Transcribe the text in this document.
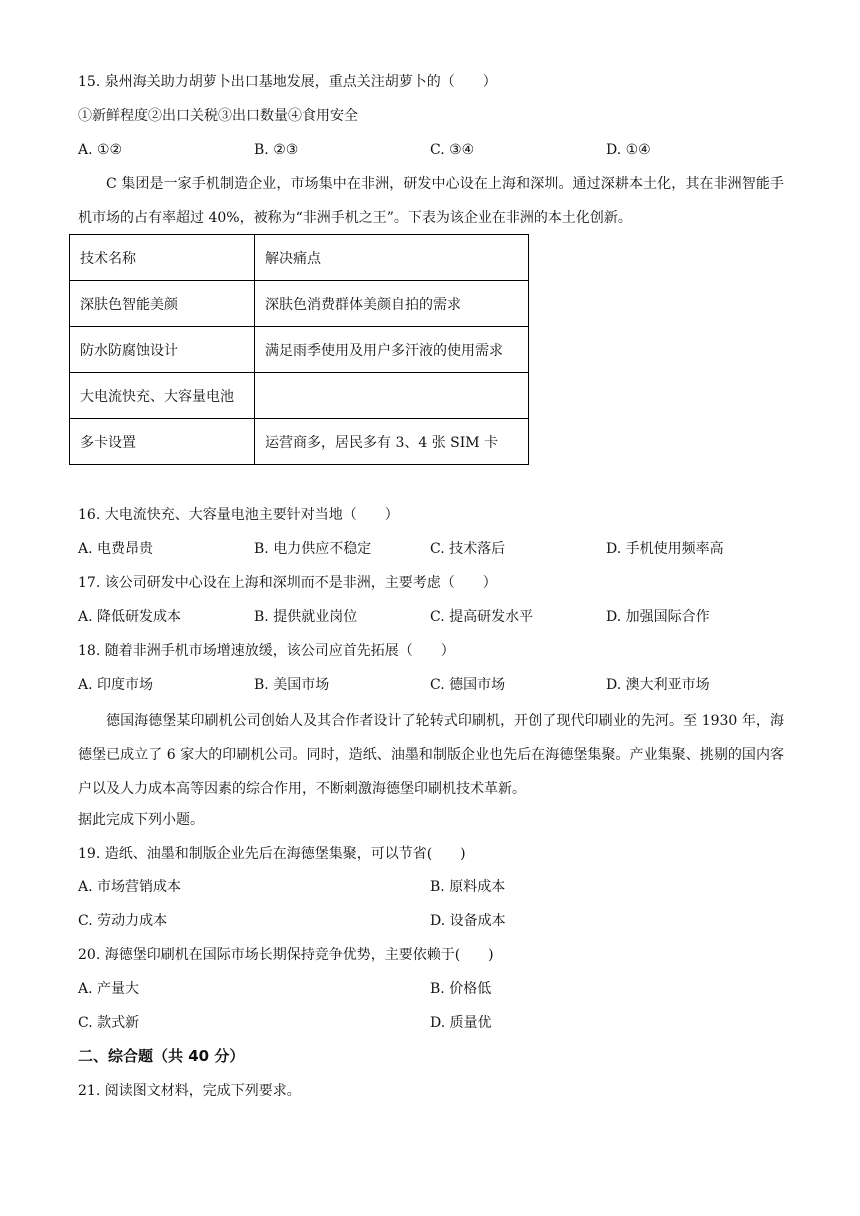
15. 泉州海关助力胡萝卜出口基地发展，重点关注胡萝卜的（　　）
①新鲜程度②出口关税③出口数量④食用安全
A. ①②	B. ②③	C. ③④	D. ①④
C 集团是一家手机制造企业，市场集中在非洲，研发中心设在上海和深圳。通过深耕本土化，其在非洲智能手机市场的占有率超过 40%，被称为“非洲手机之王”。下表为该企业在非洲的本土化创新。
技术名称	解决痛点
深肤色智能美颜	深肤色消费群体美颜自拍的需求
防水防腐蚀设计	满足雨季使用及用户多汗液的使用需求
大电流快充、大容量电池	
多卡设置	运营商多，居民多有 3、4 张 SIM 卡
16. 大电流快充、大容量电池主要针对当地（　　）
A. 电费昂贵	B. 电力供应不稳定	C. 技术落后	D. 手机使用频率高
17. 该公司研发中心设在上海和深圳而不是非洲，主要考虑（　　）
A. 降低研发成本	B. 提供就业岗位	C. 提高研发水平	D. 加强国际合作
18. 随着非洲手机市场增速放缓，该公司应首先拓展（　　）
A. 印度市场	B. 美国市场	C. 德国市场	D. 澳大利亚市场
德国海德堡某印刷机公司创始人及其合作者设计了轮转式印刷机，开创了现代印刷业的先河。至 1930 年，海德堡已成立了 6 家大的印刷机公司。同时，造纸、油墨和制版企业也先后在海德堡集聚。产业集聚、挑剔的国内客户以及人力成本高等因素的综合作用，不断刺激海德堡印刷机技术革新。
据此完成下列小题。
19. 造纸、油墨和制版企业先后在海德堡集聚，可以节省(　　)
A. 市场营销成本	B. 原料成本
C. 劳动力成本	D. 设备成本
20. 海德堡印刷机在国际市场长期保持竞争优势，主要依赖于(　　)
A. 产量大	B. 价格低
C. 款式新	D. 质量优
二、综合题（共 40 分）
21. 阅读图文材料，完成下列要求。
